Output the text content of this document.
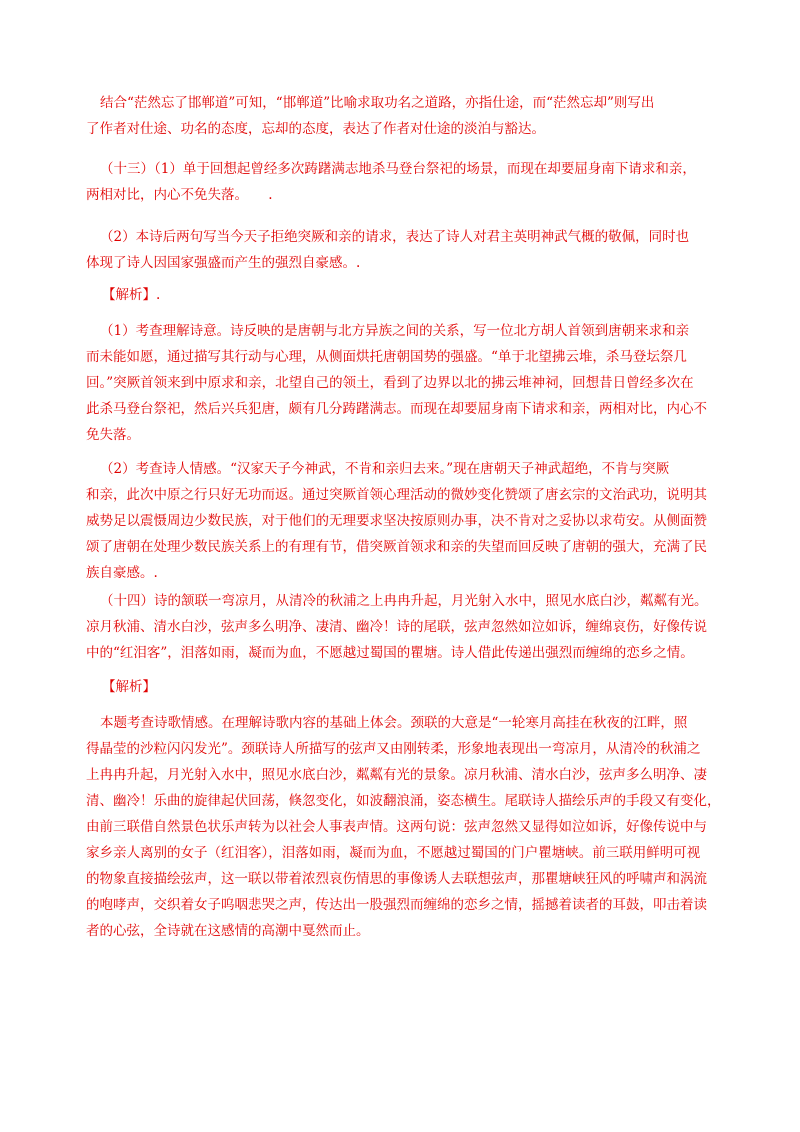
结合“茫然忘了邯郸道”可知，“邯郸道”比喻求取功名之道路，亦指仕途，而“茫然忘却”则写出
了作者对仕途、功名的态度，忘却的态度，表达了作者对仕途的淡泊与豁达。

（十三）（1）单于回想起曾经多次踌躇满志地杀马登台祭祀的场景，而现在却要屈身南下请求和亲，
两相对比，内心不免失落。　　.

（2）本诗后两句写当今天子拒绝突厥和亲的请求，表达了诗人对君主英明神武气概的敬佩，同时也
体现了诗人因国家强盛而产生的强烈自豪感。.

【解析】.

（1）考查理解诗意。诗反映的是唐朝与北方异族之间的关系，写一位北方胡人首领到唐朝来求和亲
而未能如愿，通过描写其行动与心理，从侧面烘托唐朝国势的强盛。“单于北望拂云堆，杀马登坛祭几
回。”突厥首领来到中原求和亲，北望自己的领土，看到了边界以北的拂云堆神祠，回想昔日曾经多次在
此杀马登台祭祀，然后兴兵犯唐，颇有几分踌躇满志。而现在却要屈身南下请求和亲，两相对比，内心不
免失落。

（2）考查诗人情感。“汉家天子今神武，不肯和亲归去来。”现在唐朝天子神武超绝，不肯与突厥
和亲，此次中原之行只好无功而返。通过突厥首领心理活动的微妙变化赞颂了唐玄宗的文治武功，说明其
威势足以震慑周边少数民族，对于他们的无理要求坚决按原则办事，决不肯对之妥协以求苟安。从侧面赞
颂了唐朝在处理少数民族关系上的有理有节，借突厥首领求和亲的失望而回反映了唐朝的强大，充满了民
族自豪感。.

（十四）诗的颔联一弯凉月，从清冷的秋浦之上冉冉升起，月光射入水中，照见水底白沙，粼粼有光。
凉月秋浦、清水白沙，弦声多么明净、凄清、幽冷！诗的尾联，弦声忽然如泣如诉，缠绵哀伤，好像传说
中的“红泪客”，泪落如雨，凝而为血，不愿越过蜀国的瞿塘。诗人借此传递出强烈而缠绵的恋乡之情。

【解析】

本题考查诗歌情感。在理解诗歌内容的基础上体会。颈联的大意是“一轮寒月高挂在秋夜的江畔，照
得晶莹的沙粒闪闪发光”。颈联诗人所描写的弦声又由刚转柔，形象地表现出一弯凉月，从清冷的秋浦之
上冉冉升起，月光射入水中，照见水底白沙，粼粼有光的景象。凉月秋浦、清水白沙，弦声多么明净、凄
清、幽冷！乐曲的旋律起伏回荡，倏忽变化，如波翻浪涌，姿态横生。尾联诗人描绘乐声的手段又有变化，
由前三联借自然景色状乐声转为以社会人事表声情。这两句说：弦声忽然又显得如泣如诉，好像传说中与
家乡亲人离别的女子（红泪客），泪落如雨，凝而为血，不愿越过蜀国的门户瞿塘峡。前三联用鲜明可视
的物象直接描绘弦声，这一联以带着浓烈哀伤情思的事像诱人去联想弦声，那瞿塘峡狂风的呼啸声和涡流
的咆哮声，交织着女子呜咽悲哭之声，传达出一股强烈而缠绵的恋乡之情，摇撼着读者的耳鼓，叩击着读
者的心弦，全诗就在这感情的高潮中戛然而止。
